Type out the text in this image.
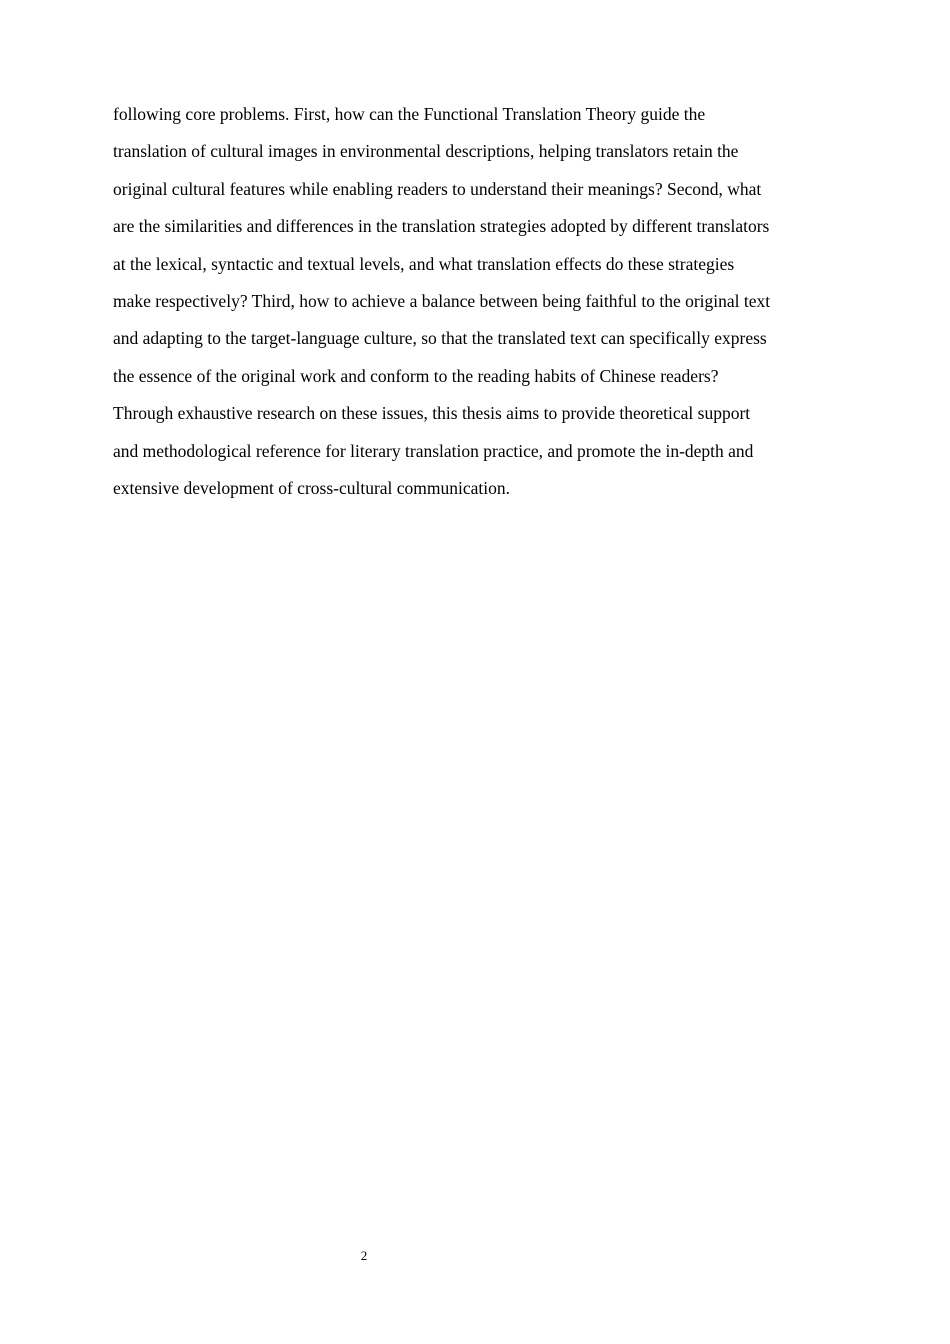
following core problems. First, how can the Functional Translation Theory guide the
translation of cultural images in environmental descriptions, helping translators retain the
original cultural features while enabling readers to understand their meanings? Second, what
are the similarities and differences in the translation strategies adopted by different translators
at the lexical, syntactic and textual levels, and what translation effects do these strategies
make respectively? Third, how to achieve a balance between being faithful to the original text
and adapting to the target-language culture, so that the translated text can specifically express
the essence of the original work and conform to the reading habits of Chinese readers?
Through exhaustive research on these issues, this thesis aims to provide theoretical support
and methodological reference for literary translation practice, and promote the in-depth and
extensive development of cross-cultural communication.

2
